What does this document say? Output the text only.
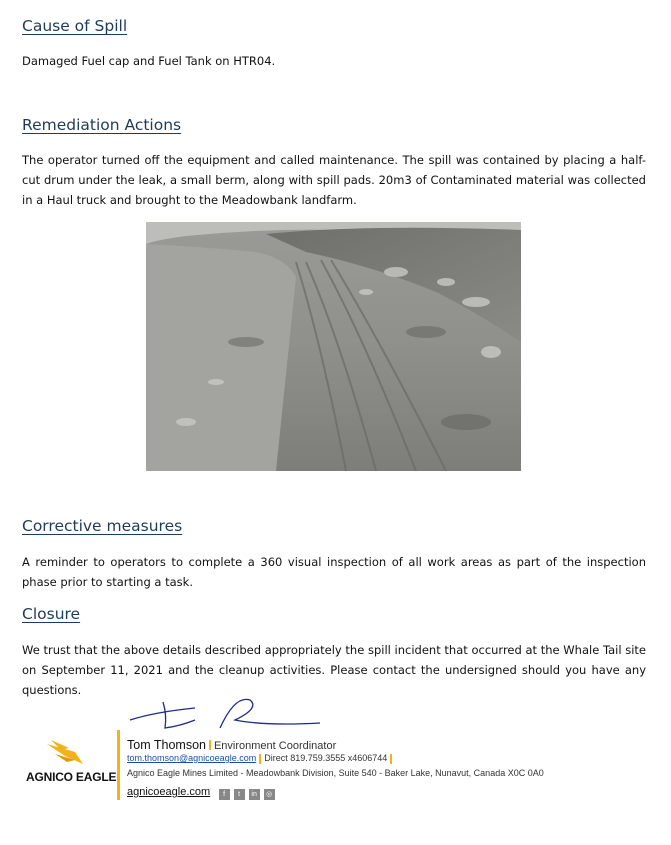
Cause of Spill

Damaged Fuel cap and Fuel Tank on HTR04.

Remediation Actions

The operator turned off the equipment and called maintenance. The spill was contained by placing a half-cut drum under the leak, a small berm, along with spill pads. 20m3 of Contaminated material was collected in a Haul truck and brought to the Meadowbank landfarm.

Corrective measures

A reminder to operators to complete a 360 visual inspection of all work areas as part of the inspection phase prior to starting a task.

Closure

We trust that the above details described appropriately the spill incident that occurred at the Whale Tail site on September 11, 2021 and the cleanup activities. Please contact the undersigned should you have any questions.

AGNICO EAGLE

Tom Thomson Environment Coordinator

tom.thomson@agnicoeagle.com Direct 819.759.3555 x4606744

Agnico Eagle Mines Limited - Meadowbank Division, Suite 540 - Baker Lake, Nunavut, Canada X0C 0A0

agnicoeagle.com f t in ◎
